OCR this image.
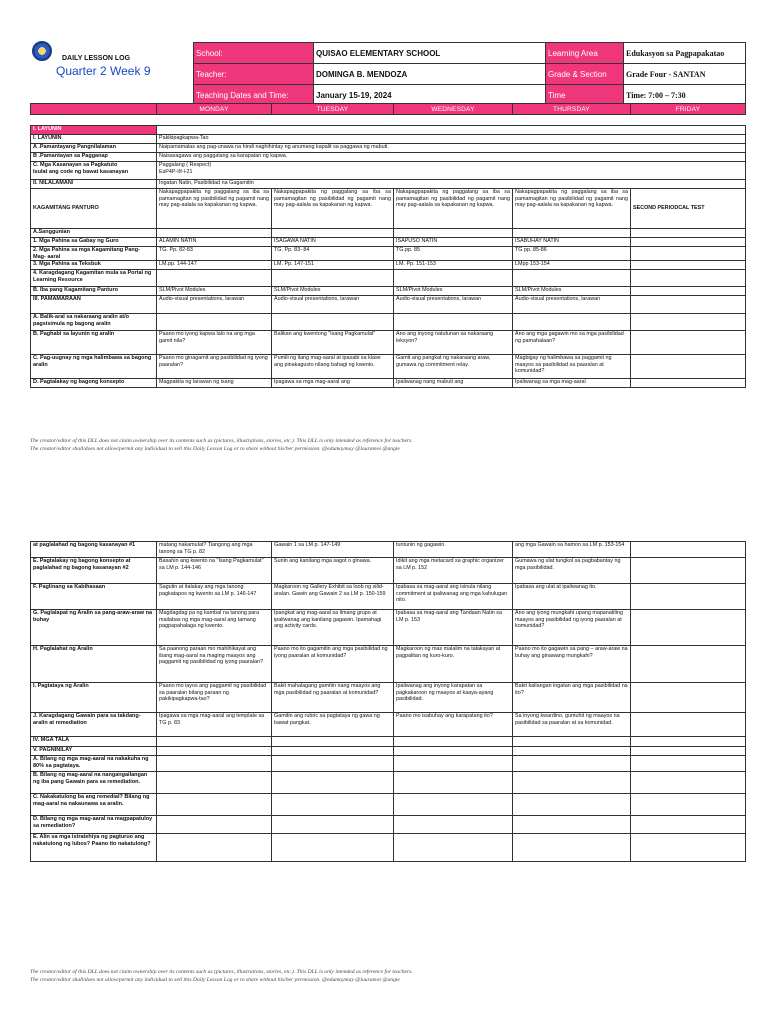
DAILY LESSON LOG
Quarter 2 Week 9
School:	QUISAO ELEMENTARY SCHOOL	Learning Area	Edukasyon sa Pagpapakatao
Teacher:	DOMINGA B. MENDOZA	Grade & Section	Grade Four - SANTAN
Teaching Dates and Time:	January 15-19, 2024	Time	Time: 7:00 – 7:30
	MONDAY	TUESDAY	WEDNESDAY	THURSDAY	FRIDAY
I. LAYUNIN					
I. LAYUNIN	Pakikipagkapwa-Tao				
A .Pamantayang Pangnilalaman	Naipamamalas ang pag-unawa na hindi naghihintay ng anumang kapalit sa paggawa ng mabuti.				
B .Pamantayan sa Pagganap	Naisasagawa ang paggalang sa karapatan ng kapwa.				
C. Mga Kasanayan sa Pagkatuto
Isulat ang code ng bawat kasanayan	Paggalang ( Respect)
EsP4P-IIf-i-21				
II. NILALAMAN/	Ingatan Natin, Pasibilidad na Gagamitin				
KAGAMITANG PANTURO	Nakapagpapakita ng paggalang sa iba sa pamamagitan ng pasibilidad ng pagamit nang may pag-aalala sa kapakanan ng kapwa.	Nakapagpapakita ng paggalang sa iba sa pamamagitan ng pasibilidad ng pagamit nang may pag-aalala sa kapakanan ng kapwa.	Nakapagpapakita ng paggalang sa iba sa pamamagitan ng pasibilidad ng pagamit nang may pag-aalala sa kapakanan ng kapwa.	Nakapagpapakita ng paggalang sa iba sa pamamagitan ng pasibilidad ng pagamit nang may pag-aalala sa kapakanan ng kapwa.	SECOND PERIODCAL TEST
A.Sanggunian					
1. Mga Pahina sa Gabay ng Guro	ALAMIN NATIN	ISAGAWA NATIN	ISAPUSO NATIN	ISABUHAY NATIN	
2. Mga Pahina sa mga Kagamitang Pang- Mag- aaral	TG. Pp. 82-83	TG. Pp. 83- 84	TG.pp. 85	TG pp. 85-86	
3. Mga Pahina sa Teksbuk	LM.pp. 144-147	LM. Pp. 147-151	LM. Pp. 151-153	LMpp 153-154	
4. Karagdagang Kagamitan mula sa Portal ng Learning Resource					
B. Iba pang Kagamitang Panturo	SLM/Pivot Modules	SLM/Pivot Modules	SLM/Pivot Modules	SLM/Pivot Modules	
III. PAMAMARAAN	Audio-visual presentations, larawan	Audio-visual presentations, larawan	Audio-visual presentations, larawan	Audio-visual presentations, larawan	
A. Balik-aral sa nakaraang aralin at/o pagsisimula ng bagong aralin					
B. Paghabi sa layunin ng aralin	Paano mo iyong kapwa lalo na ang mga gamit nila?	Balikan ang kwentong "Isang Pagkamulat"	Ano ang inyong natutunan sa nakaraang leksyon?	Ano ang mga gagawin mo sa mga pasibilidad ng pamahalaan?	
C. Pag-uugnay ng mga halimbawa sa bagong aralin	Paano mo ginagamit ang pasibilidad ng iyong paaralan?	Pumili ng ilang mag-aaral at ipasabi sa klase ang pinakagusto nilang bahagi ng kwento.	Gamit ang pangkat ng nakaraang araw, gumawa ng commitment relay.	Magbigay ng halimbawa sa paggamit ng maayos sa pasibilidad sa paaralan at komunidad?	
D. Pagtalakay ng bagong konsepto	Magpakita ng larawan ng isang	Ipagawa sa mga mag-aaral ang	Ipaliwanag nang mabuti ang	Ipaliwanag sa mga mag-aaral	
The creator/editor of this DLL does not claim ownership over its contents such as (pictures, illustrations, stories, etc.). This DLL is only intended as reference for teachers.
The creator/editor shall/does not allow/permit any individual to sell this Daily Lesson Log or to share without his/her permission. @edumaymay @lauramoi @angie
at paglalahad ng bagong kasanayan #1	matang nakamulat? Tiangong ang mga tanong sa TG p. 82	Gawain 1 sa LM p. 147-149	tuntunin ng gagawin.	ang mga Gawain sa hamon sa LM p. 153-154	
E. Pagtalakay ng bagong konsepto at paglalahad ng bagong kasanayan #2	Basahin ang kwento na "Isang Pagkamulat" sa LM p. 144-146	Suriin ang kanilang mga sagot o ginawa.	Idikit ang mga metacard sa graphic organizer sa LM p. 152	Gumawa ng ulat tungkol sa pagbabantay ng mga pasibilidad.	
F. Paglinang sa Kabihasaan	Sagutin at italakay ang mga tanong pagkatapos ng kwento sa LM p. 146-147	Magkaroon ng Gallery Exhibit sa loob ng silid-aralan. Gawin ang Gawain 2 sa LM p. 150-159	Ipabasa sa mag-aaral ang isinula nilang commitment at ipaliwanag ang mga kahulugan nito.	Ipabasa ang ulat at ipaliwanag ito.	
G. Paglalapat ng Aralin sa pang-araw-araw na buhay	Magdagdag pa ng kambal na tanong para mailabas ng mga mag-aaral ang tamang pagpapahalaga ng kwento.	Ipangkat ang mag-aaral sa limang grupo at ipaliwanag ang kanilang gagawin. Ipamahagi ang activity cards.	Ipabasa sa mag-aaral ang Tandaan Natin sa LM p. 153	Ano ang iyong mungkahi upang mapanatiling maayos ang pasibilidad ng iyong paaralan at komunidad?	
H. Paglalahat ng Aralin	Sa paanong paraan mo mahihikayat ang ibang mag-aaral na maging maayos ang paggamit ng pasibilidad ng iyong paaralan?	Paano mo ito gagamitin ang mga pasibilidad ng iyong paaralan at komunidad?	Magkaroon ng mas malalim na talakayan at pagpalitan ng kuro-kuro.	Paano mo ito gagawin sa pang – araw-araw na buhay ang ginawang mungkahi?	
I. Pagtataya ng Aralin	Paano mo iayos ang paggamit ng pasibilidad sa paaralan bilang paraan ng pakikipagkapwa-tao?	Bakit mahalagang gamitin nang maayos ang mga pasibilidad ng paaralan at komunidad?	Ipaliwanag ang inyong karapatan sa pagkakaroon ng maayos at kaaya-ayang pasibilidad.	Bakit kailangan ingatan ang mga pasibilidad na ito?	
J. Karagdagang Gawain para sa takdang- aralin at remediation	Ipagawa sa mga mag-aaral ang template sa TG p. 83	Gamitin ang rubric sa pagtataya ng gawa ng bawat pangkat.	Paano mo isabuhay ang karapatang ito?	Sa inyong kwardino, gumuhit ng maayos na pasibilidad sa paaralan at sa komunidad.	
IV. MGA TALA					
V. PAGNINILAY					
A. Bilang ng mga mag-aaral na nakakuha ng 80% sa pagtataya.					
B. Bilang ng mag-aaral na nangangailangan ng iba pang Gawain para sa remediation.					
C. Nakakatulong ba ang remedial? Bilang ng mag-aaral na nakaunawa sa aralin.					
D. Bilang ng mga mag-aaral na magpapatuloy sa remediation?					
E. Alin sa mga istratehiya ng pagturuo ang nakatulong ng lubos? Paano ito nakatulong?					
The creator/editor of this DLL does not claim ownership over its contents such as (pictures, illustrations, stories, etc.). This DLL is only intended as reference for teachers.
The creator/editor shall/does not allow/permit any individual to sell this Daily Lesson Log or to share without his/her permission. @edumaymay @lauramoi @angie
